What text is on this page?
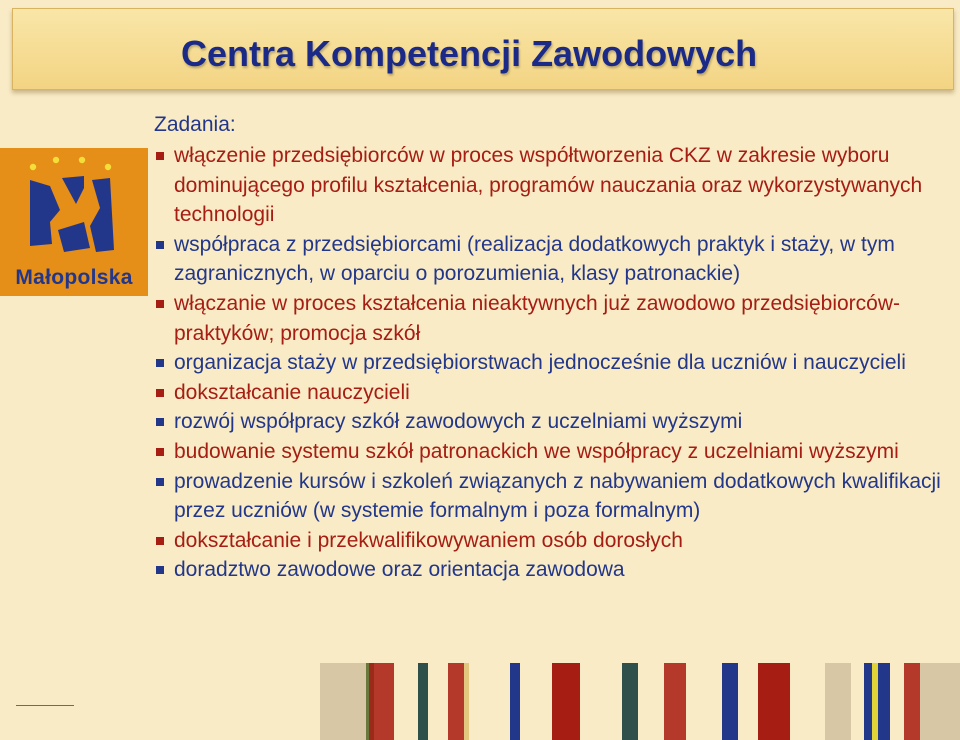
Centra Kompetencji Zawodowych
Małopolska
Zadania:
włączenie przedsiębiorców w proces współtworzenia CKZ w zakresie wyboru dominującego profilu kształcenia, programów nauczania oraz wykorzystywanych technologii
współpraca z przedsiębiorcami (realizacja dodatkowych praktyk i staży, w tym zagranicznych, w oparciu o porozumienia, klasy patronackie)
włączanie w proces kształcenia nieaktywnych już zawodowo przedsiębiorców-praktyków; promocja szkół
organizacja staży w przedsiębiorstwach jednocześnie dla uczniów i nauczycieli
dokształcanie nauczycieli
rozwój współpracy szkół zawodowych z uczelniami wyższymi
budowanie systemu szkół patronackich we współpracy z uczelniami wyższymi
prowadzenie kursów i szkoleń związanych z nabywaniem dodatkowych kwalifikacji przez uczniów (w systemie formalnym i poza formalnym)
dokształcanie i przekwalifikowywaniem osób dorosłych
doradztwo zawodowe oraz orientacja zawodowa
